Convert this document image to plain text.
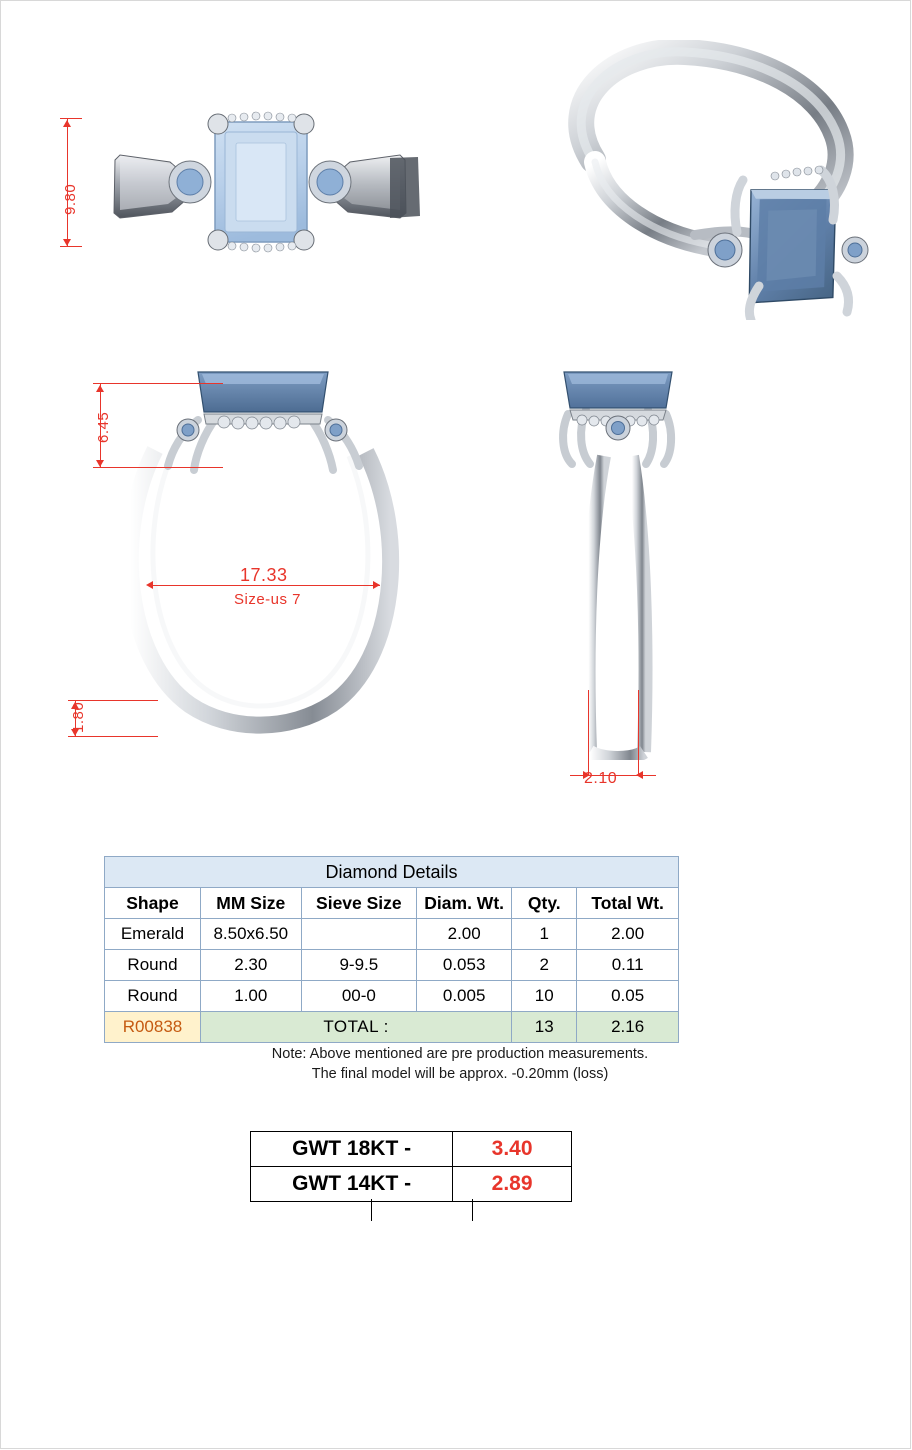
9.80
6.45
17.33
Size-us 7
1.80
2.10
Diamond Details					
Shape	MM Size	Sieve Size	Diam. Wt.	Qty.	Total Wt.
Emerald	8.50x6.50		2.00	1	2.00
Round	2.30	9-9.5	0.053	2	0.11
Round	1.00	00-0	0.005	10	0.05
R00838	TOTAL :			13	2.16
Note: Above mentioned are pre production measurements.
The final model will be approx. -0.20mm (loss)
GWT 18KT -	3.40
GWT 14KT -	2.89
